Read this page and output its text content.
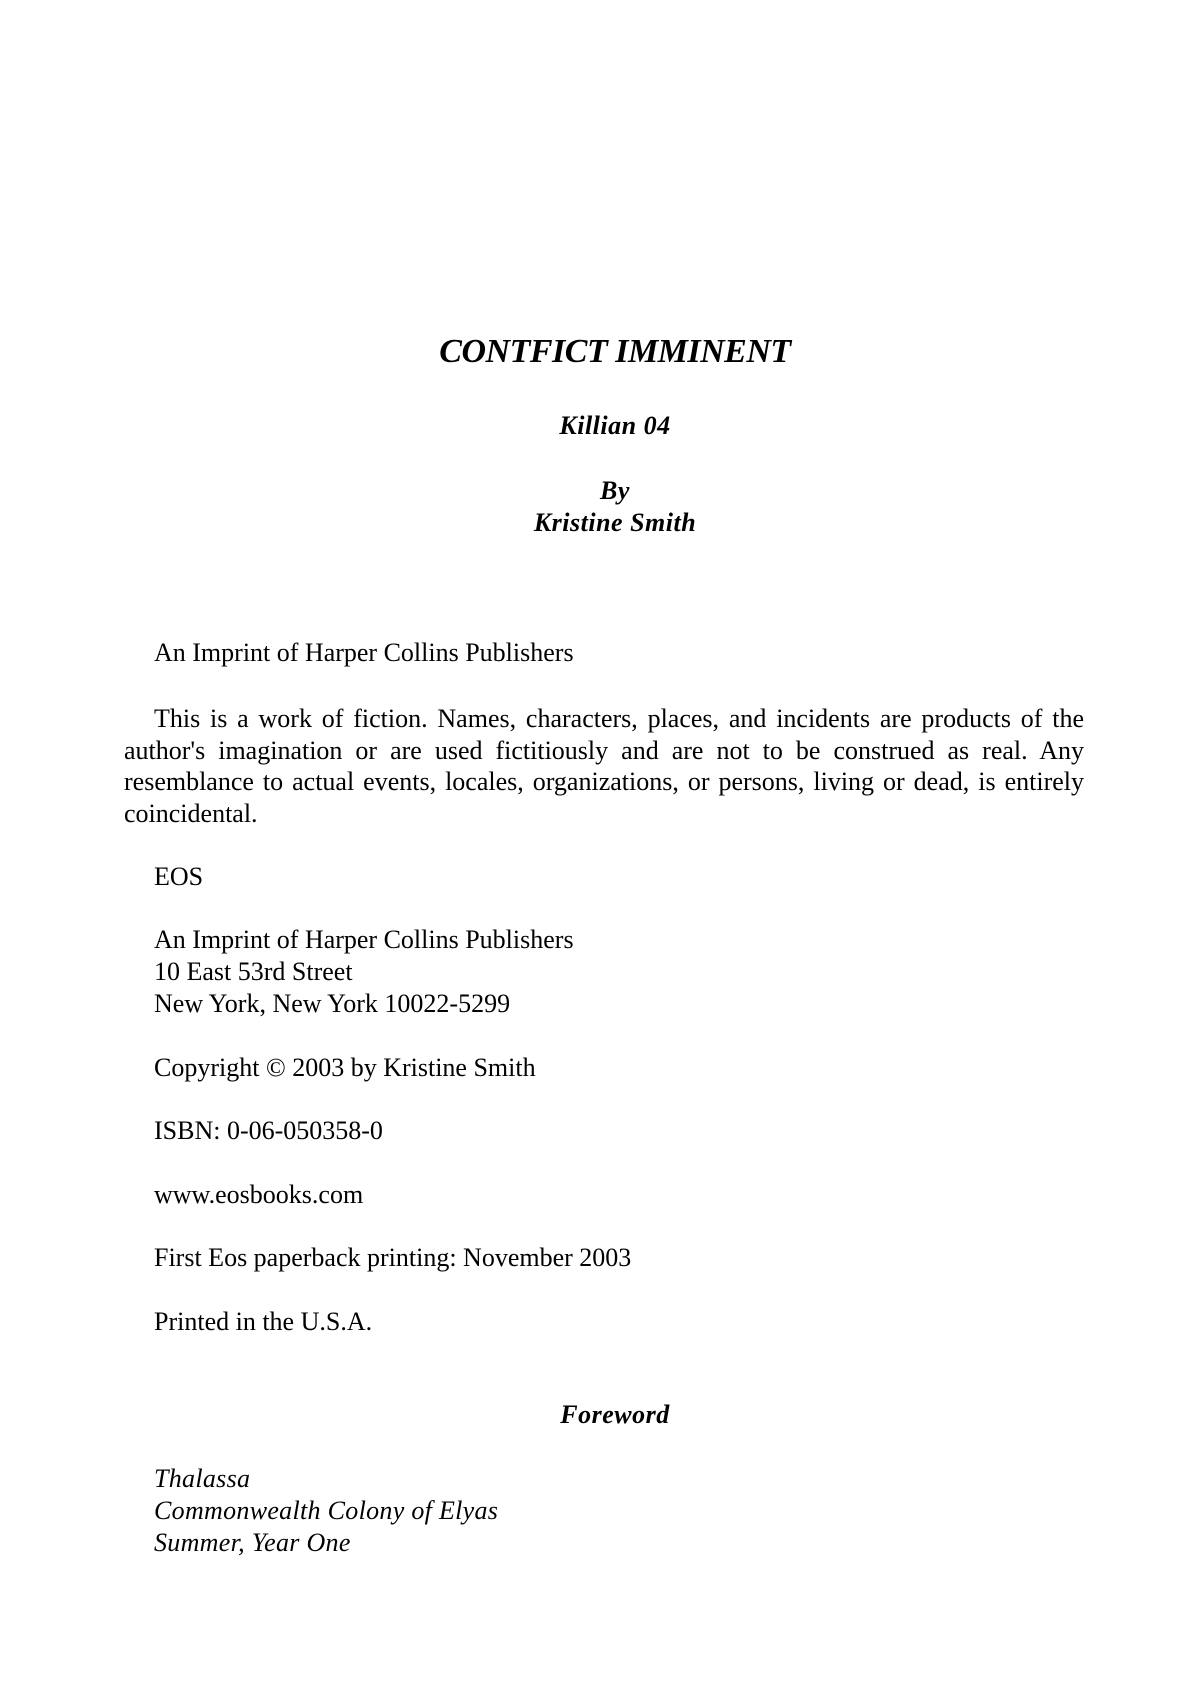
CONTFICT IMMINENT
Killian 04
By
Kristine Smith
An Imprint of Harper Collins Publishers

This is a work of fiction. Names, characters, places, and incidents are products of the author's imagination or are used fictitiously and are not to be construed as real. Any resemblance to actual events, locales, organizations, or persons, living or dead, is entirely coincidental.

EOS
An Imprint of Harper Collins Publishers
10 East 53rd Street
New York, New York 10022-5299
Copyright © 2003 by Kristine Smith
ISBN: 0-06-050358-0
www.eosbooks.com
First Eos paperback printing: November 2003
Printed in the U.S.A.
Foreword
Thalassa
Commonwealth Colony of Elyas
Summer, Year One
